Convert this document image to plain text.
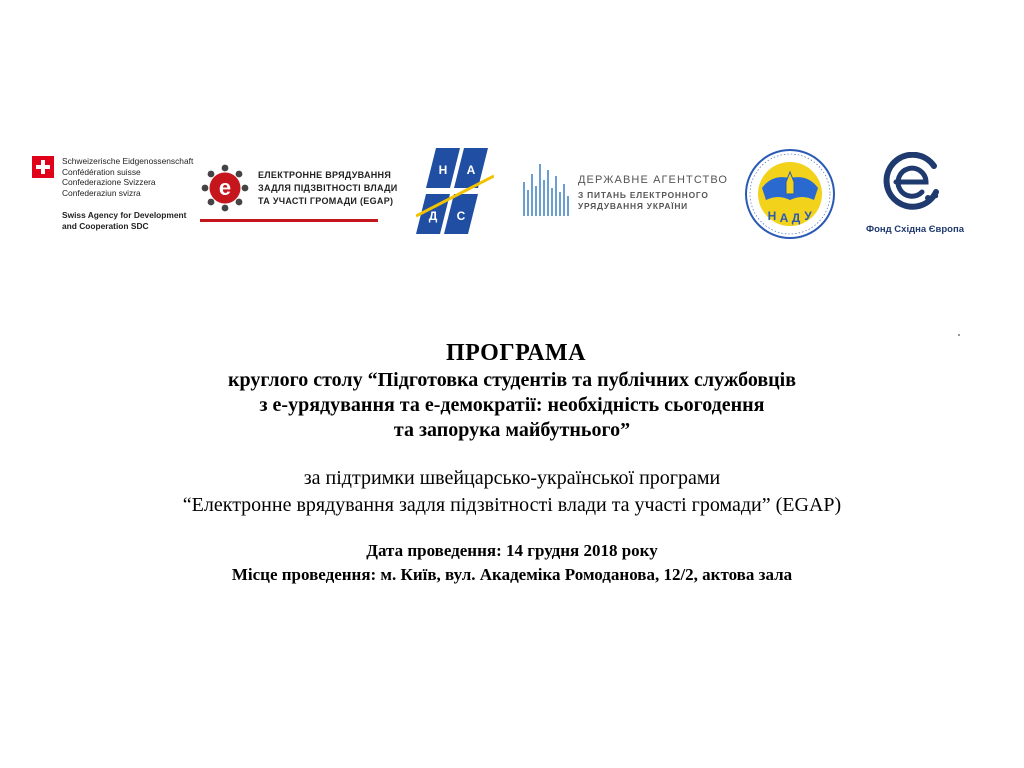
Schweizerische Eidgenossenschaft
Confédération suisse
Confederazione Svizzera
Confederaziun svizra
Swiss Agency for Development
and Cooperation SDC
e	ЕЛЕКТРОННЕ ВРЯДУВАННЯ
ЗАДЛЯ ПІДЗВІТНОСТІ ВЛАДИ
ТА УЧАСТІ ГРОМАДИ (EGAP)
Н А
Д С
ДЕРЖАВНЕ АГЕНТСТВО
З ПИТАНЬ ЕЛЕКТРОННОГО
УРЯДУВАННЯ УКРАЇНИ
Н А Д У
Фонд Східна Європа
ПРОГРАМА
круглого столу “Підготовка студентів та публічних службовців
з е-урядування та е-демократії: необхідність сьогодення
та запорука майбутнього”
за підтримки швейцарсько-української програми
“Електронне врядування задля підзвітності влади та участі громади” (EGAP)
Дата проведення: 14 грудня 2018 року
Місце проведення: м. Київ, вул. Академіка Ромоданова, 12/2, актова зала
